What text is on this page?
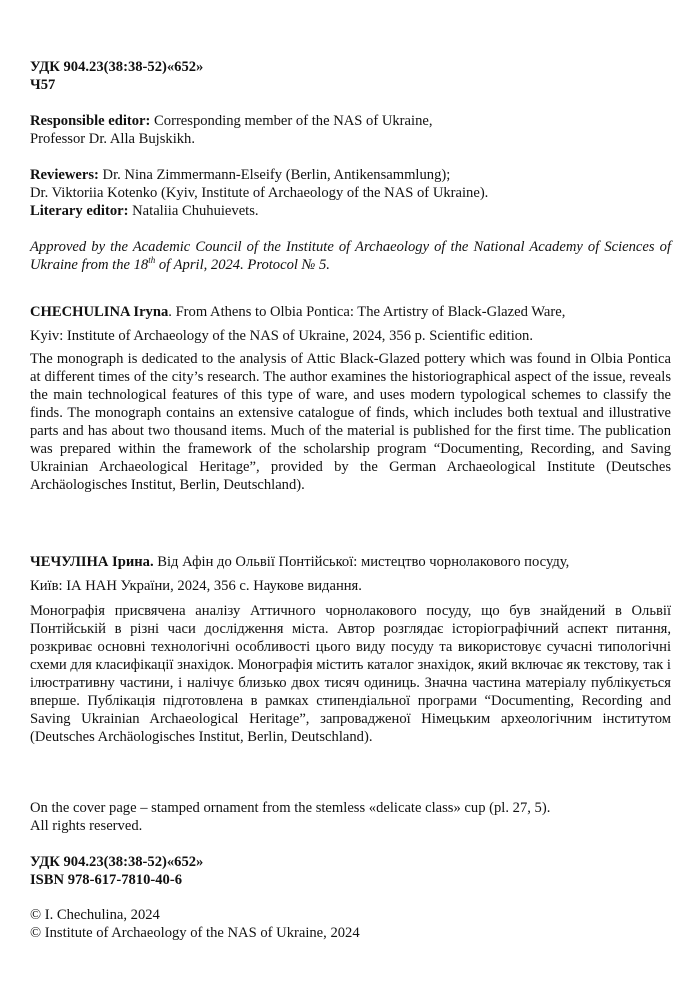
УДК 904.23(38:38-52)«652»

Ч57

Responsible editor: Corresponding member of the NAS of Ukraine,

Professor Dr. Alla Bujskikh.

Reviewers: Dr. Nina Zimmermann-Elseify (Berlin, Antikensammlung);

Dr. Viktoriia Kotenko (Kyiv, Institute of Archaeology of the NAS of Ukraine).

Literary editor: Nataliia Chuhuievets.

Approved by the Academic Council of the Institute of Archaeology of the National Academy of Sciences of Ukraine from the 18th of April, 2024. Protocol № 5.

CHECHULINA Iryna. From Athens to Olbia Pontica: The Artistry of Black-Glazed Ware,

Kyiv: Institute of Archaeology of the NAS of Ukraine, 2024, 356 p. Scientific edition.

The monograph is dedicated to the analysis of Attic Black-Glazed pottery which was found in Olbia Pontica at different times of the city’s research. The author examines the historiographical aspect of the issue, reveals the main technological features of this type of ware, and uses modern typological schemes to classify the finds. The monograph contains an extensive catalogue of finds, which includes both textual and illustrative parts and has about two thousand items. Much of the material is published for the first time. The publication was prepared within the framework of the scholarship program “Documenting, Recording, and Saving Ukrainian Archaeological Heritage”, provided by the German Archaeological Institute (Deutsches Archäologisches Institut, Berlin, Deutschland).

ЧЕЧУЛІНА Ірина. Від Афін до Ольвії Понтійської: мистецтво чорнолакового посуду,

Київ: ІА НАН України, 2024, 356 с. Наукове видання.

Монографія присвячена аналізу Аттичного чорнолакового посуду, що був знайдений в Ольвії Понтійській в різні часи дослідження міста. Автор розглядає історіографічний аспект питання, розкриває основні технологічні особливості цього виду посуду та використовує сучасні типологічні схеми для класифікації знахідок. Монографія містить каталог знахідок, який включає як текстову, так і ілюстративну частини, і налічує близько двох тисяч одиниць. Значна частина матеріалу публікується вперше. Публікація підготовлена в рамках стипендіальної програми “Documenting, Recording and Saving Ukrainian Archaeological Heritage”, запровадженої Німецьким археологічним інститутом (Deutsches Archäologisches Institut, Berlin, Deutschland).

On the cover page – stamped ornament from the stemless «delicate class» cup (pl. 27, 5).

All rights reserved.

УДК 904.23(38:38-52)«652»

ISBN 978-617-7810-40-6

© I. Chechulina, 2024

© Institute of Archaeology of the NAS of Ukraine, 2024
